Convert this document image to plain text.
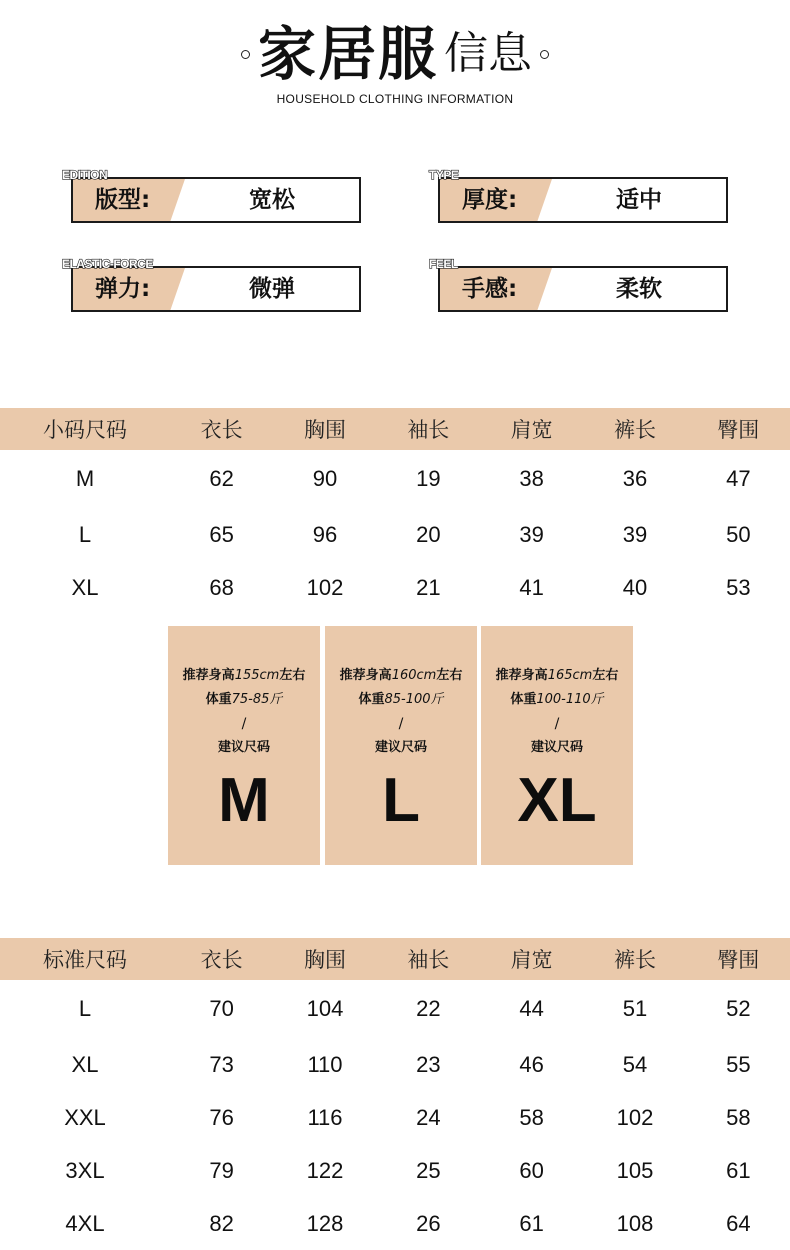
家居服 信息
HOUSEHOLD CLOTHING INFORMATION
EDITION
版型:	宽松
TYPE
厚度:	适中
ELASTIC-FORCE
弹力:	微弹
FEEL
手感:	柔软
小码尺码	衣长	胸围	袖长	肩宽	裤长	臀围
M	62	90	19	38	36	47
L	65	96	20	39	39	50
XL	68	102	21	41	40	53
推荐身高155cm左右
体重75-85斤
/
建议尺码
M
推荐身高160cm左右
体重85-100斤
/
建议尺码
L
推荐身高165cm左右
体重100-110斤
/
建议尺码
XL
标准尺码	衣长	胸围	袖长	肩宽	裤长	臀围
L	70	104	22	44	51	52
XL	73	110	23	46	54	55
XXL	76	116	24	58	102	58
3XL	79	122	25	60	105	61
4XL	82	128	26	61	108	64
